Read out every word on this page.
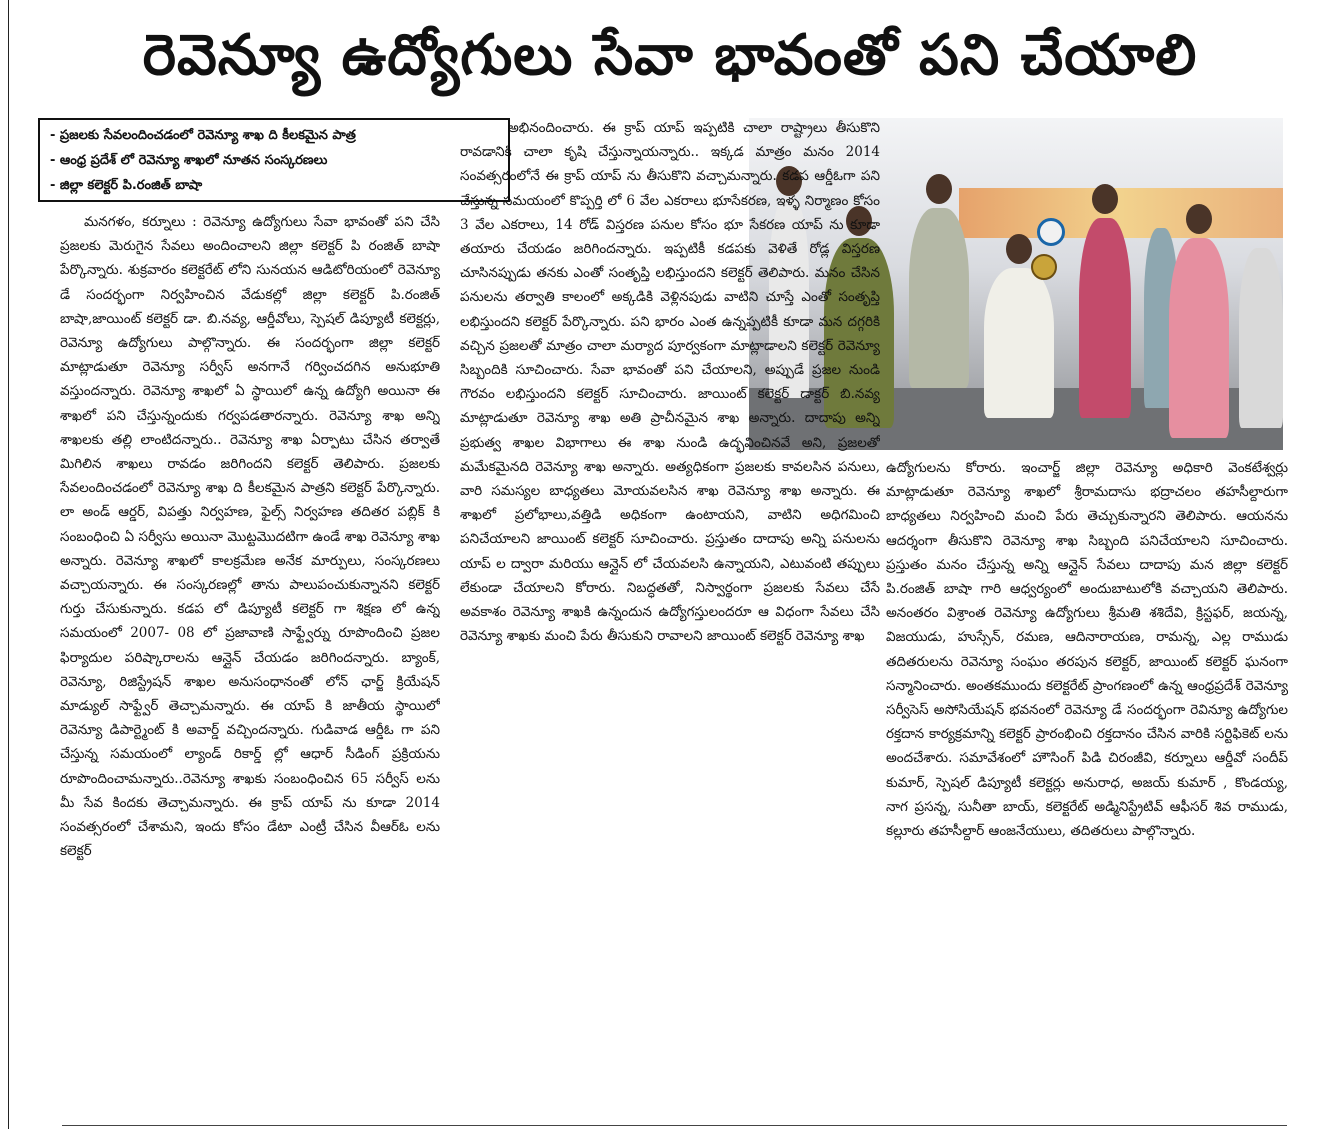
రెవెన్యూ ఉద్యోగులు సేవా భావంతో పని చేయాలి
- ప్రజలకు సేవలందించడంలో రెవెన్యూ శాఖ ది కీలకమైన పాత్ర
- ఆంధ్ర ప్రదేశ్ లో రెవెన్యూ శాఖలో నూతన సంస్కరణలు
- జిల్లా కలెక్టర్ పి.రంజిత్ బాషా

మనగళం, కర్నూలు : రెవెన్యూ ఉద్యోగులు సేవా భావంతో పని చేసి ప్రజలకు మెరుగైన సేవలు అందించాలని జిల్లా కలెక్టర్ పి రంజిత్ బాషా పేర్కొన్నారు. శుక్రవారం కలెక్టరేట్ లోని సునయన ఆడిటోరియంలో రెవెన్యూ డే సందర్భంగా నిర్వహించిన వేడుకల్లో జిల్లా కలెక్టర్ పి.రంజిత్ బాషా,జాయింట్ కలెక్టర్ డా. బి.నవ్య, ఆర్డీవోలు, స్పెషల్ డిప్యూటీ కలెక్టర్లు, రెవెన్యూ ఉద్యోగులు పాల్గొన్నారు. ఈ సందర్భంగా జిల్లా కలెక్టర్ మాట్లాడుతూ రెవెన్యూ సర్వీస్ అనగానే గర్వించదగిన అనుభూతి వస్తుందన్నారు. రెవెన్యూ శాఖలో ఏ స్థాయిలో ఉన్న ఉద్యోగి అయినా ఈ శాఖలో పని చేస్తున్నందుకు గర్వపడతారన్నారు. రెవెన్యూ శాఖ అన్ని శాఖలకు తల్లి లాంటిదన్నారు.. రెవెన్యూ శాఖ ఏర్పాటు చేసిన తర్వాతే మిగిలిన శాఖలు రావడం జరిగిందని కలెక్టర్ తెలిపారు. ప్రజలకు సేవలందించడంలో రెవెన్యూ శాఖ ది కీలకమైన పాత్రని కలెక్టర్ పేర్కొన్నారు. లా అండ్ ఆర్డర్, విపత్తు నిర్వహణ, ఫైల్స్ నిర్వహణ తదితర పబ్లిక్ కి సంబంధించి ఏ సర్వీసు అయినా మొట్టమొదటిగా ఉండే శాఖ రెవెన్యూ శాఖ అన్నారు. రెవెన్యూ శాఖలో కాలక్రమేణ అనేక మార్పులు, సంస్కరణలు వచ్చాయన్నారు. ఈ సంస్కరణల్లో తాను పాలుపంచుకున్నానని కలెక్టర్ గుర్తు చేసుకున్నారు. కడప లో డిప్యూటీ కలెక్టర్ గా శిక్షణ లో ఉన్న సమయంలో 2007- 08 లో ప్రజావాణి సాఫ్ట్వేర్ను రూపొందించి ప్రజల ఫిర్యాదుల పరిష్కారాలను ఆన్లైన్ చేయడం జరిగిందన్నారు. బ్యాంక్, రెవెన్యూ, రిజిస్ట్రేషన్ శాఖల అనుసంధానంతో లోన్ ఛార్జ్ క్రియేషన్ మాడ్యుల్ సాఫ్ట్వేర్ తెచ్చామన్నారు. ఈ యాప్ కి జాతీయ స్థాయిలో రెవెన్యూ డిపార్ట్మెంట్ కి అవార్డ్ వచ్చిందన్నారు. గుడివాడ ఆర్డీఓ గా పని చేస్తున్న సమయంలో ల్యాండ్ రికార్డ్ ల్లో ఆధార్ సీడింగ్ ప్రక్రియను రూపొందించామన్నారు..రెవెన్యూ శాఖకు సంబంధించిన 65 సర్వీస్ లను మీ సేవ కిందకు తెచ్చామన్నారు. ఈ క్రాప్ యాప్ ను కూడా 2014 సంవత్సరంలో చేశామని, ఇందు కోసం డేటా ఎంట్రీ చేసిన వీఆర్ఓ లను కలెక్టర్

అభినందించారు. ఈ క్రాప్ యాప్ ఇప్పటికి చాలా రాష్ట్రాలు తీసుకొని రావడానికి చాలా కృషి చేస్తున్నాయన్నారు.. ఇక్కడ మాత్రం మనం 2014 సంవత్సరంలోనే ఈ క్రాప్ యాప్ ను తీసుకొని వచ్చామన్నారు. కడప ఆర్డీఓగా పని చేస్తున్న సమయంలో కొప్పర్తి లో 6 వేల ఎకరాలు భూసేకరణ, ఇళ్ళ నిర్మాణం కోసం 3 వేల ఎకరాలు, 14 రోడ్ విస్తరణ పనుల కోసం భూ సేకరణ యాప్ ను కూడా తయారు చేయడం జరిగిందన్నారు. ఇప్పటికీ కడపకు వెళితే రోడ్ల విస్తరణ చూసినప్పుడు తనకు ఎంతో సంతృప్తి లభిస్తుందని కలెక్టర్ తెలిపారు. మనం చేసిన పనులను తర్వాతి కాలంలో అక్కడికి వెళ్లినపుడు వాటిని చూస్తే ఎంతో సంతృప్తి లభిస్తుందని కలెక్టర్ పేర్కొన్నారు. పని భారం ఎంత ఉన్నప్పటికీ కూడా మన దగ్గరికి వచ్చిన ప్రజలతో మాత్రం చాలా మర్యాద పూర్వకంగా మాట్లాడాలని కలెక్టర్ రెవెన్యూ సిబ్బందికి సూచించారు. సేవా భావంతో పని చేయాలని, అప్పుడే ప్రజల నుండి గౌరవం లభిస్తుందని కలెక్టర్ సూచించారు. జాయింట్ కలెక్టర్ డాక్టర్ బి.నవ్య మాట్లాడుతూ రెవెన్యూ శాఖ అతి ప్రాచీనమైన శాఖ అన్నారు. దాదాపు అన్ని ప్రభుత్వ శాఖల విభాగాలు ఈ శాఖ నుండి ఉద్భవించినవే అని, ప్రజలతో మమేకమైనది రెవెన్యూ శాఖ అన్నారు. అత్యధికంగా ప్రజలకు కావలసిన పనులు, వారి సమస్యల బాధ్యతలు మోయవలసిన శాఖ రెవెన్యూ శాఖ అన్నారు. ఈ శాఖలో ప్రలోభాలు,వత్తిడి అధికంగా ఉంటాయని, వాటిని అధిగమించి పనిచేయాలని జాయింట్ కలెక్టర్ సూచించారు. ప్రస్తుతం దాదాపు అన్ని పనులను యాప్ ల ద్వారా మరియు ఆన్లైన్ లో చేయవలసి ఉన్నాయని, ఎటువంటి తప్పులు లేకుండా చేయాలని కోరారు. నిబద్ధతతో, నిస్వార్థంగా ప్రజలకు సేవలు చేసే అవకాశం రెవెన్యూ శాఖకి ఉన్నందున ఉద్యోగస్తులందరూ ఆ విధంగా సేవలు చేసి రెవెన్యూ శాఖకు మంచి పేరు తీసుకుని రావాలని జాయింట్ కలెక్టర్ రెవెన్యూ శాఖ

ఉద్యోగులను కోరారు. ఇంచార్జ్ జిల్లా రెవెన్యూ అధికారి వెంకటేశ్వర్లు మాట్లాడుతూ రెవెన్యూ శాఖలో శ్రీరామదాసు భద్రాచలం తహసీల్దారుగా బాధ్యతలు నిర్వహించి మంచి పేరు తెచ్చుకున్నారని తెలిపారు. ఆయనను ఆదర్శంగా తీసుకొని రెవెన్యూ శాఖ సిబ్బంది పనిచేయాలని సూచించారు. ప్రస్తుతం మనం చేస్తున్న అన్ని ఆన్లైన్ సేవలు దాదాపు మన జిల్లా కలెక్టర్ పి.రంజిత్ బాషా గారి ఆధ్వర్యంలో అందుబాటులోకి వచ్చాయని తెలిపారు. అనంతరం విశ్రాంత రెవెన్యూ ఉద్యోగులు శ్రీమతి శశిదేవి, క్రిస్టఫర్, జయన్న, విజయుడు, హుస్సేన్, రమణ, ఆదినారాయణ, రామన్న, ఎల్ల రాముడు తదితరులను రెవెన్యూ సంఘం తరపున కలెక్టర్, జాయింట్ కలెక్టర్ ఘనంగా సన్మానించారు. అంతకముందు కలెక్టరేట్ ప్రాంగణంలో ఉన్న ఆంధ్రప్రదేశ్ రెవెన్యూ సర్వీసెస్ అసోసియేషన్ భవనంలో రెవెన్యూ డే సందర్భంగా రెవిన్యూ ఉద్యోగుల రక్తదాన కార్యక్రమాన్ని కలెక్టర్ ప్రారంభించి రక్తదానం చేసిన వారికి సర్టిఫికెట్ లను అందచేశారు. సమావేశంలో హౌసింగ్ పిడి చిరంజీవి, కర్నూలు ఆర్డీవో సందీప్ కుమార్, స్పెషల్ డిప్యూటీ కలెక్టర్లు అనురాధ, అజయ్ కుమార్ , కొండయ్య, నాగ ప్రసన్న, సునీతా బాయ్, కలెక్టరేట్ అడ్మినిస్ట్రేటివ్ ఆఫీసర్ శివ రాముడు, కల్లూరు తహసీల్దార్ ఆంజనేయులు, తదితరులు పాల్గొన్నారు.
